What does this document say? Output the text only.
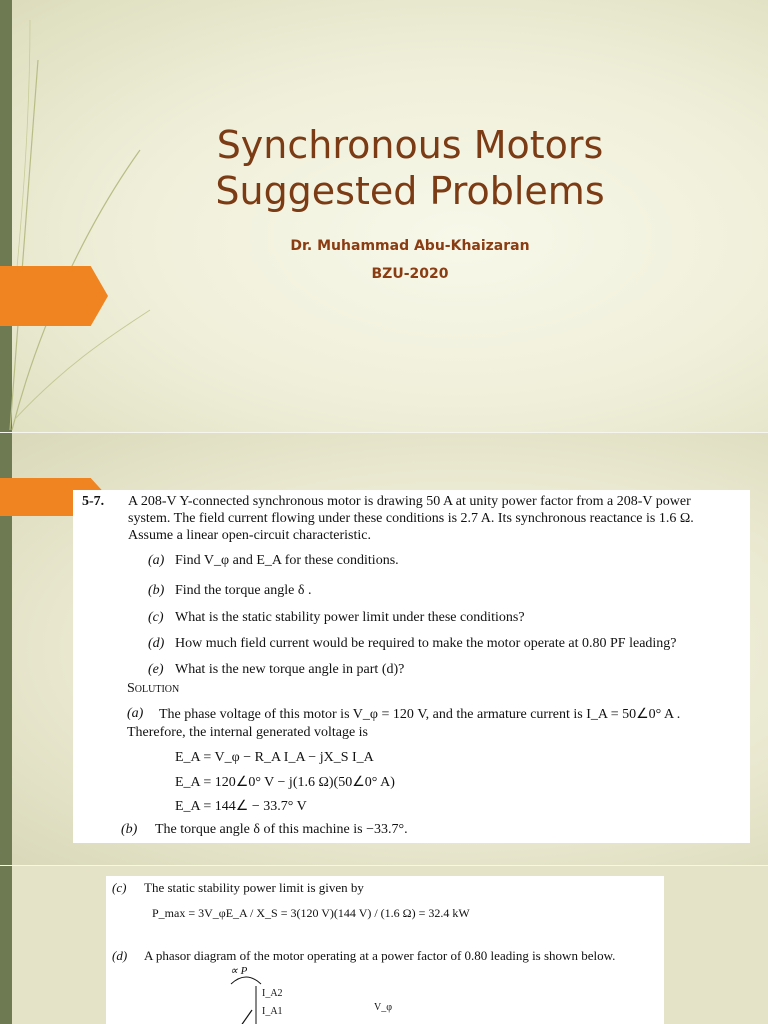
Synchronous Motors
Suggested Problems
Dr. Muhammad Abu-Khaizaran
BZU-2020
5-7. A 208-V Y-connected synchronous motor is drawing 50 A at unity power factor from a 208-V power
system. The field current flowing under these conditions is 2.7 A. Its synchronous reactance is 1.6 Ω.
Assume a linear open-circuit characteristic.
(a) Find V_φ and E_A for these conditions.
(b) Find the torque angle δ .
(c) What is the static stability power limit under these conditions?
(d) How much field current would be required to make the motor operate at 0.80 PF leading?
(e) What is the new torque angle in part (d)?
Solution
(a) The phase voltage of this motor is V_φ = 120 V, and the armature current is I_A = 50∠0° A .
Therefore, the internal generated voltage is
E_A = V_φ − R_A I_A − jX_S I_A
E_A = 120∠0° V − j(1.6 Ω)(50∠0° A)
E_A = 144∠ − 33.7° V
(b) The torque angle δ of this machine is −33.7°.
(c) The static stability power limit is given by
P_max = 3V_φE_A / X_S = 3(120 V)(144 V) / (1.6 Ω) = 32.4 kW
(d) A phasor diagram of the motor operating at a power factor of 0.80 leading is shown below.
∝ P
I_A2
I_A1	V_φ
